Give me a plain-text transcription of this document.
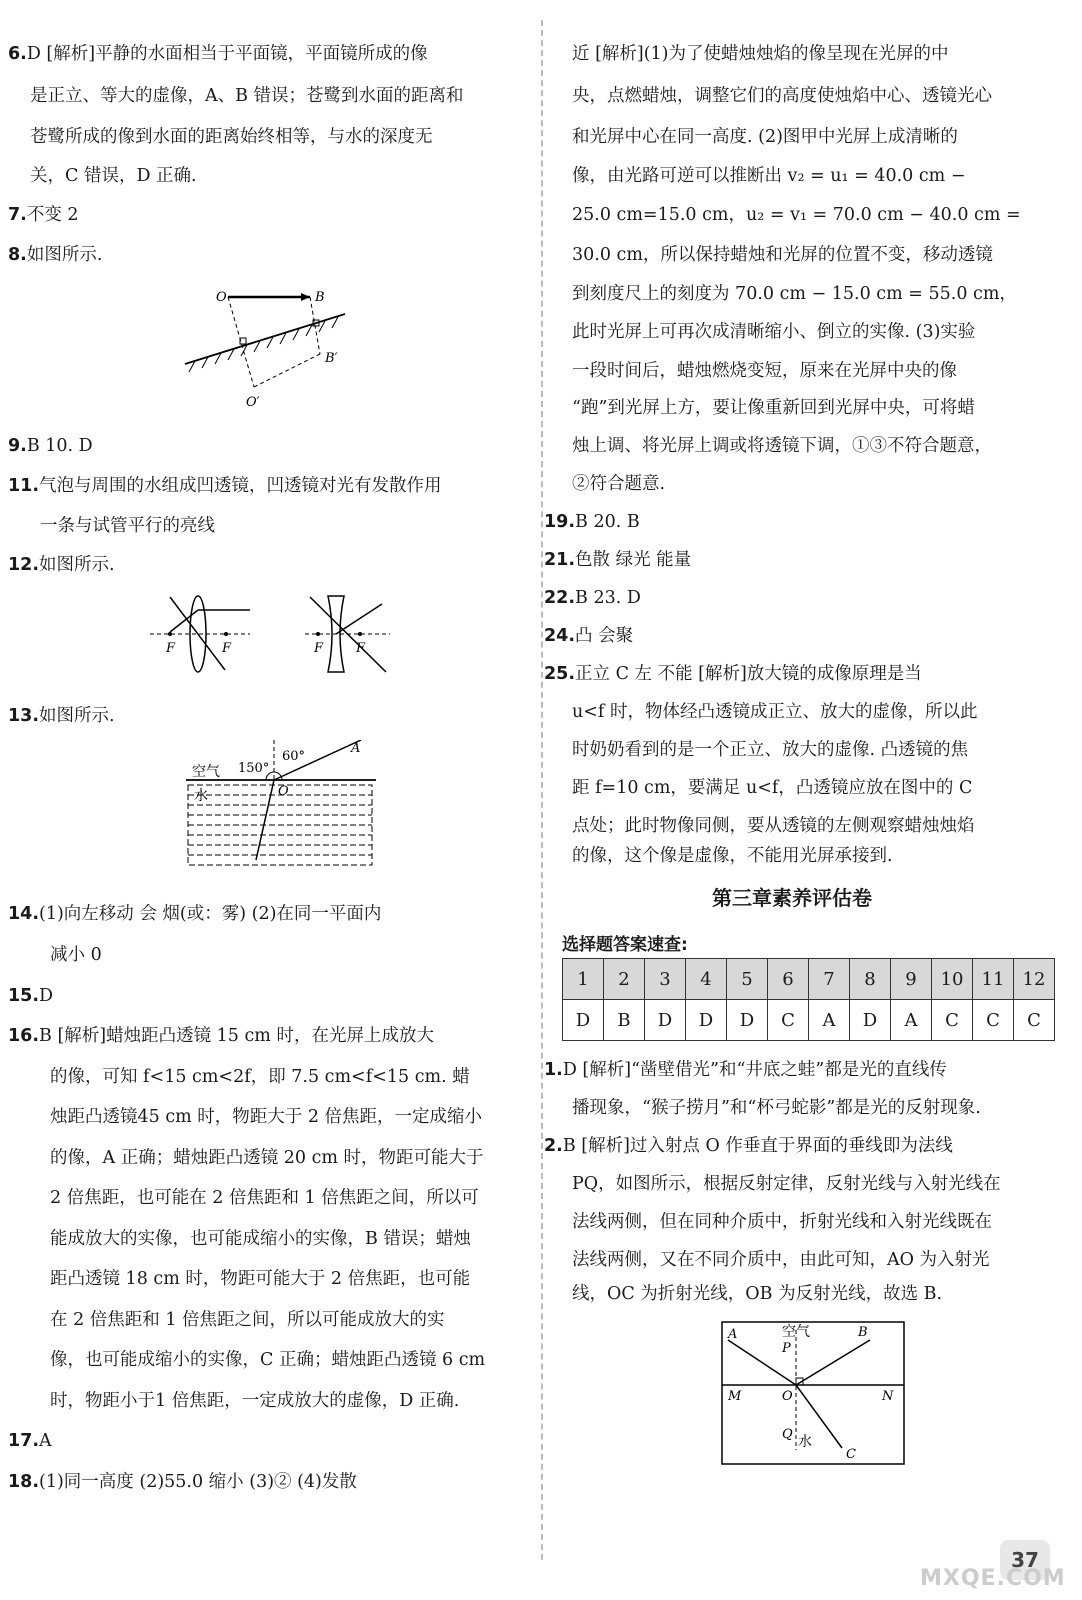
6.D [解析]平静的水面相当于平面镜，平面镜所成的像
是正立、等大的虚像，A、B 错误；苍鹭到水面的距离和
苍鹭所成的像到水面的距离始终相等，与水的深度无
关，C 错误，D 正确.
7.不变 2
8.如图所示.
O	B
B′
O′
9.B 10. D
11.气泡与周围的水组成凹透镜，凹透镜对光有发散作用
一条与试管平行的亮线
12.如图所示.
F	F	F	F
13.如图所示.
空气
水
150°
60°
A
O
14.(1)向左移动 会 烟(或：雾) (2)在同一平面内
减小 0
15.D
16.B [解析]蜡烛距凸透镜 15 cm 时，在光屏上成放大
的像，可知 f<15 cm<2f，即 7.5 cm<f<15 cm. 蜡
烛距凸透镜45 cm 时，物距大于 2 倍焦距，一定成缩小
的像，A 正确；蜡烛距凸透镜 20 cm 时，物距可能大于
2 倍焦距，也可能在 2 倍焦距和 1 倍焦距之间，所以可
能成放大的实像，也可能成缩小的实像，B 错误；蜡烛
距凸透镜 18 cm 时，物距可能大于 2 倍焦距，也可能
在 2 倍焦距和 1 倍焦距之间，所以可能成放大的实
像，也可能成缩小的实像，C 正确；蜡烛距凸透镜 6 cm
时，物距小于1 倍焦距，一定成放大的虚像，D 正确.
17.A
18.(1)同一高度 (2)55.0 缩小 (3)② (4)发散
近 [解析](1)为了使蜡烛烛焰的像呈现在光屏的中
央，点燃蜡烛，调整它们的高度使烛焰中心、透镜光心
和光屏中心在同一高度. (2)图甲中光屏上成清晰的
像，由光路可逆可以推断出 v₂ = u₁ = 40.0 cm −
25.0 cm=15.0 cm，u₂ = v₁ = 70.0 cm − 40.0 cm =
30.0 cm，所以保持蜡烛和光屏的位置不变，移动透镜
到刻度尺上的刻度为 70.0 cm − 15.0 cm = 55.0 cm，
此时光屏上可再次成清晰缩小、倒立的实像. (3)实验
一段时间后，蜡烛燃烧变短，原来在光屏中央的像
“跑”到光屏上方，要让像重新回到光屏中央，可将蜡
烛上调、将光屏上调或将透镜下调，①③不符合题意，
②符合题意.
19.B 20. B
21.色散 绿光 能量
22.B 23. D
24.凸 会聚
25.正立 C 左 不能 [解析]放大镜的成像原理是当
u<f 时，物体经凸透镜成正立、放大的虚像，所以此
时奶奶看到的是一个正立、放大的虚像. 凸透镜的焦
距 f=10 cm，要满足 u<f，凸透镜应放在图中的 C
点处；此时物像同侧，要从透镜的左侧观察蜡烛烛焰
的像，这个像是虚像，不能用光屏承接到.
第三章素养评估卷
选择题答案速查:
1	2	3	4	5	6	7	8	9	10	11	12
D	B	D	D	D	C	A	D	A	C	C	C
1.D [解析]“凿壁借光”和“井底之蛙”都是光的直线传
播现象，“猴子捞月”和“杯弓蛇影”都是光的反射现象.
2.B [解析]过入射点 O 作垂直于界面的垂线即为法线
PQ，如图所示，根据反射定律，反射光线与入射光线在
法线两侧，但在同种介质中，折射光线和入射光线既在
法线两侧，又在不同介质中，由此可知，AO 为入射光
线，OC 为折射光线，OB 为反射光线，故选 B.
空气
水
A	B
P
M	O	N
Q
C
37
MXQE.COM
